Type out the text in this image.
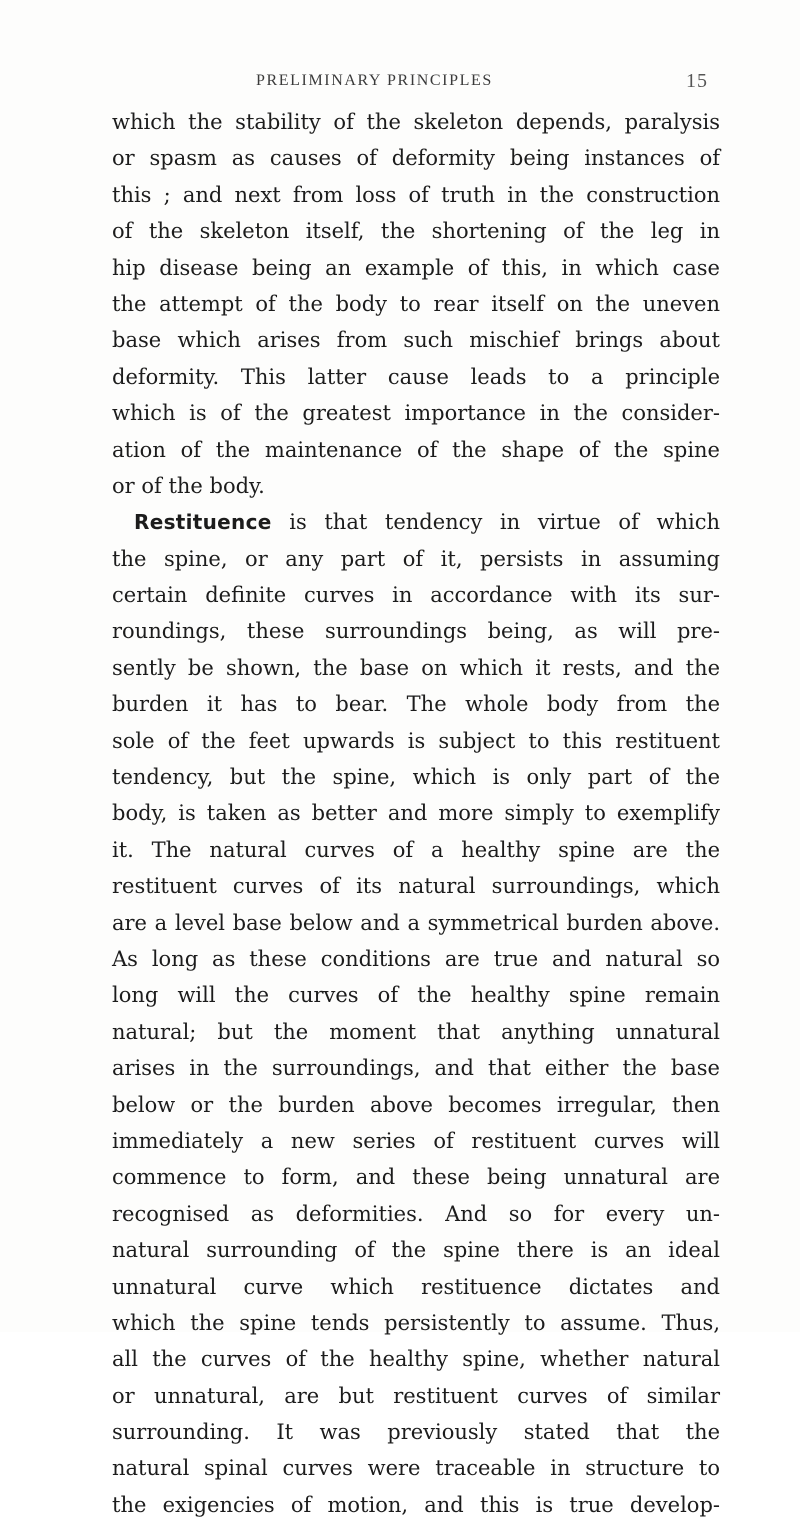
PRELIMINARY PRINCIPLES	15
which the stability of the skeleton depends, paralysis
or spasm as causes of deformity being instances of
this ; and next from loss of truth in the construction
of the skeleton itself, the shortening of the leg in
hip disease being an example of this, in which case
the attempt of the body to rear itself on the uneven
base which arises from such mischief brings about
deformity. This latter cause leads to a principle
which is of the greatest importance in the consider-
ation of the maintenance of the shape of the spine
or of the body.
Restituence is that tendency in virtue of which
the spine, or any part of it, persists in assuming
certain definite curves in accordance with its sur-
roundings, these surroundings being, as will pre-
sently be shown, the base on which it rests, and the
burden it has to bear. The whole body from the
sole of the feet upwards is subject to this restituent
tendency, but the spine, which is only part of the
body, is taken as better and more simply to exemplify
it. The natural curves of a healthy spine are the
restituent curves of its natural surroundings, which
are a level base below and a symmetrical burden above.
As long as these conditions are true and natural so
long will the curves of the healthy spine remain
natural; but the moment that anything unnatural
arises in the surroundings, and that either the base
below or the burden above becomes irregular, then
immediately a new series of restituent curves will
commence to form, and these being unnatural are
recognised as deformities. And so for every un-
natural surrounding of the spine there is an ideal
unnatural curve which restituence dictates and
which the spine tends persistently to assume. Thus,
all the curves of the healthy spine, whether natural
or unnatural, are but restituent curves of similar
surrounding. It was previously stated that the
natural spinal curves were traceable in structure to
the exigencies of motion, and this is true develop-
